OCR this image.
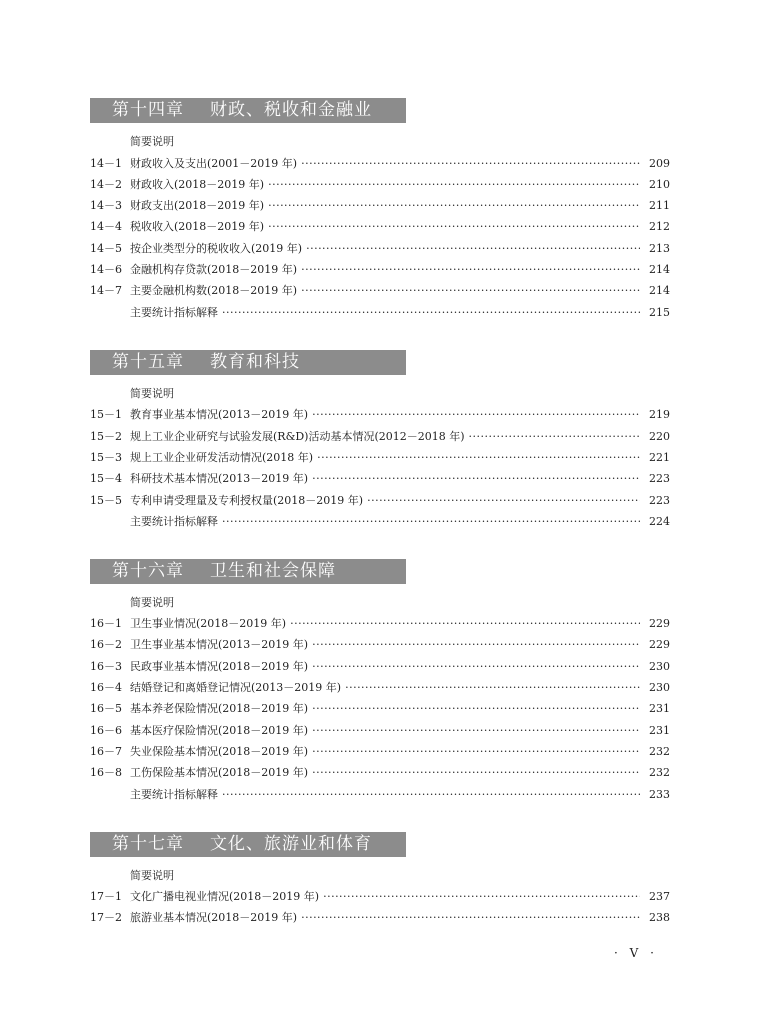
第十四章 财政、税收和金融业
简要说明
14－1 财政收入及支出(2001－2019 年) ·····	209
14－2 财政收入(2018－2019 年) ·····	210
14－3 财政支出(2018－2019 年) ·····	211
14－4 税收收入(2018－2019 年) ·····	212
14－5 按企业类型分的税收收入(2019 年) ·····	213
14－6 金融机构存贷款(2018－2019 年) ·····	214
14－7 主要金融机构数(2018－2019 年) ·····	214
主要统计指标解释 ·····	215
第十五章 教育和科技
简要说明
15－1 教育事业基本情况(2013－2019 年) ·····	219
15－2 规上工业企业研究与试验发展(R&D)活动基本情况(2012－2018 年) ·····	220
15－3 规上工业企业研发活动情况(2018 年) ·····	221
15－4 科研技术基本情况(2013－2019 年) ·····	223
15－5 专利申请受理量及专利授权量(2018－2019 年) ·····	223
主要统计指标解释 ·····	224
第十六章 卫生和社会保障
简要说明
16－1 卫生事业情况(2018－2019 年) ·····	229
16－2 卫生事业基本情况(2013－2019 年) ·····	229
16－3 民政事业基本情况(2018－2019 年) ·····	230
16－4 结婚登记和离婚登记情况(2013－2019 年) ·····	230
16－5 基本养老保险情况(2018－2019 年) ·····	231
16－6 基本医疗保险情况(2018－2019 年) ·····	231
16－7 失业保险基本情况(2018－2019 年) ·····	232
16－8 工伤保险基本情况(2018－2019 年) ·····	232
主要统计指标解释 ·····	233
第十七章 文化、旅游业和体育
简要说明
17－1 文化广播电视业情况(2018－2019 年) ·····	237
17－2 旅游业基本情况(2018－2019 年) ·····	238
· V ·
